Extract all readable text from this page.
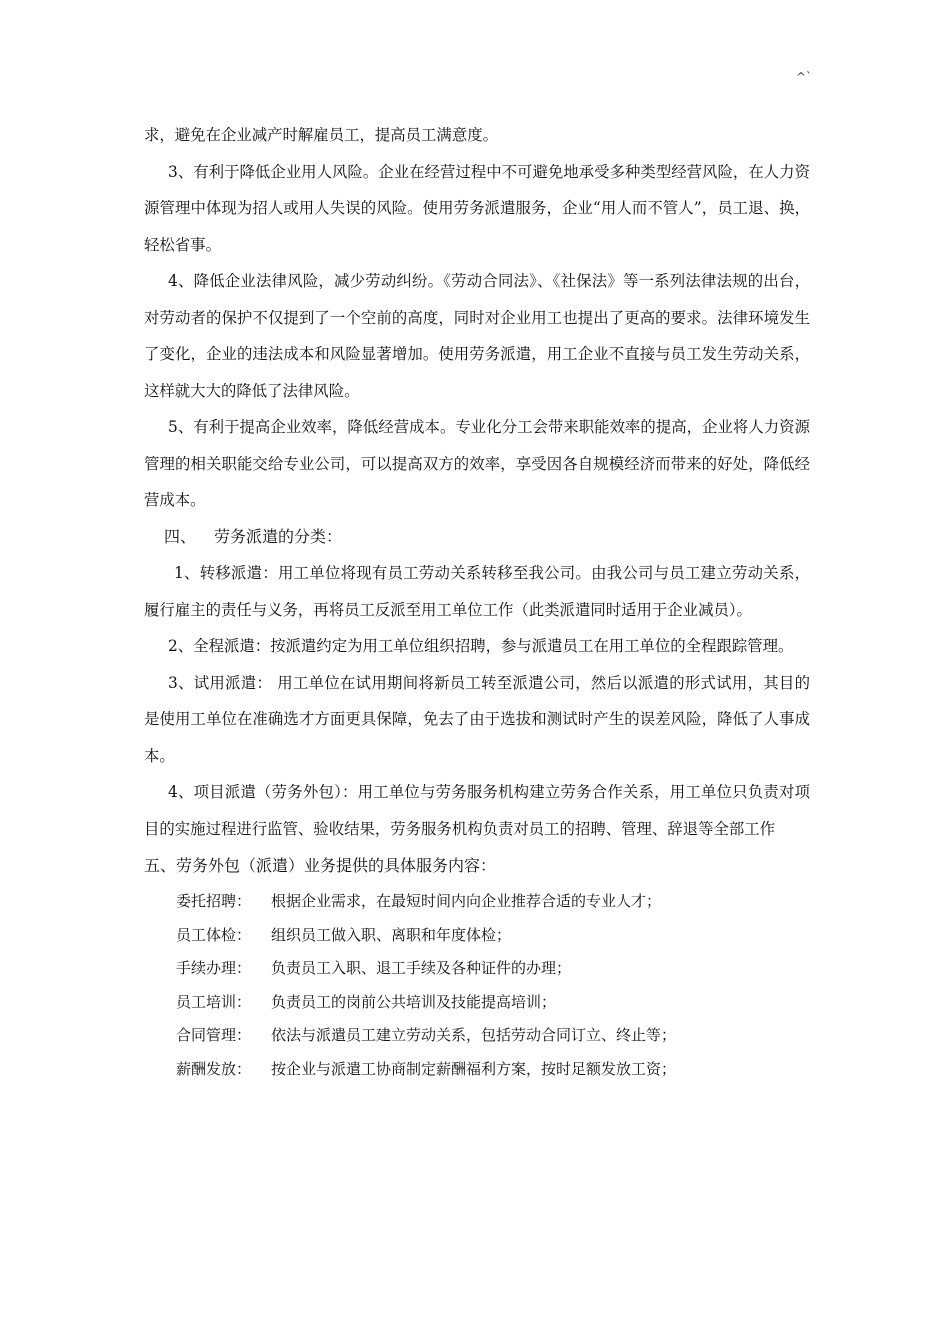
^`

求，避免在企业减产时解雇员工，提高员工满意度。

3、有利于降低企业用人风险。企业在经营过程中不可避免地承受多种类型经营风险，在人力资源管理中体现为招人或用人失误的风险。使用劳务派遣服务，企业“用人而不管人”，员工退、换，轻松省事。

4、降低企业法律风险，减少劳动纠纷。《劳动合同法》、《社保法》等一系列法律法规的出台，对劳动者的保护不仅提到了一个空前的高度，同时对企业用工也提出了更高的要求。法律环境发生了变化，企业的违法成本和风险显著增加。使用劳务派遣，用工企业不直接与员工发生劳动关系，这样就大大的降低了法律风险。

5、有利于提高企业效率，降低经营成本。专业化分工会带来职能效率的提高，企业将人力资源管理的相关职能交给专业公司，可以提高双方的效率，享受因各自规模经济而带来的好处，降低经营成本。

四、 劳务派遣的分类：

1、转移派遣：用工单位将现有员工劳动关系转移至我公司。由我公司与员工建立劳动关系，履行雇主的责任与义务，再将员工反派至用工单位工作（此类派遣同时适用于企业减员）。

2、全程派遣：按派遣约定为用工单位组织招聘，参与派遣员工在用工单位的全程跟踪管理。

3、试用派遣： 用工单位在试用期间将新员工转至派遣公司，然后以派遣的形式试用，其目的是使用工单位在准确选才方面更具保障，免去了由于选拔和测试时产生的误差风险，降低了人事成本。

4、项目派遣（劳务外包）：用工单位与劳务服务机构建立劳务合作关系，用工单位只负责对项目的实施过程进行监管、验收结果，劳务服务机构负责对员工的招聘、管理、辞退等全部工作

五、劳务外包（派遣）业务提供的具体服务内容：

委托招聘：	根据企业需求，在最短时间内向企业推荐合适的专业人才；
员工体检：	组织员工做入职、离职和年度体检；
手续办理：	负责员工入职、退工手续及各种证件的办理；
员工培训：	负责员工的岗前公共培训及技能提高培训；
合同管理：	依法与派遣员工建立劳动关系，包括劳动合同订立、终止等；
薪酬发放：	按企业与派遣工协商制定薪酬福利方案，按时足额发放工资；
